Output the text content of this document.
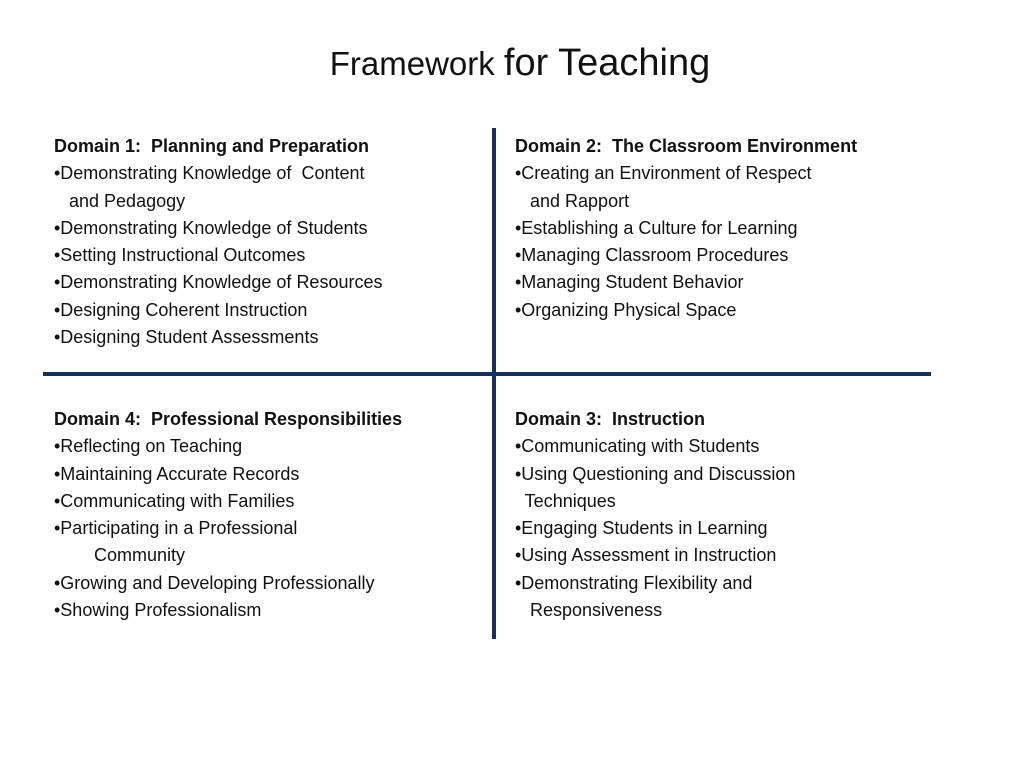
Framework for Teaching
Domain 1:  Planning and Preparation
•Demonstrating Knowledge of  Content
and Pedagogy
•Demonstrating Knowledge of Students
•Setting Instructional Outcomes
•Demonstrating Knowledge of Resources
•Designing Coherent Instruction
•Designing Student Assessments
Domain 2:  The Classroom Environment
•Creating an Environment of Respect
and Rapport
•Establishing a Culture for Learning
•Managing Classroom Procedures
•Managing Student Behavior
•Organizing Physical Space
Domain 4:  Professional Responsibilities
•Reflecting on Teaching
•Maintaining Accurate Records
•Communicating with Families
•Participating in a Professional
Community
•Growing and Developing Professionally
•Showing Professionalism
Domain 3:  Instruction
•Communicating with Students
•Using Questioning and Discussion
Techniques
•Engaging Students in Learning
•Using Assessment in Instruction
•Demonstrating Flexibility and
Responsiveness
